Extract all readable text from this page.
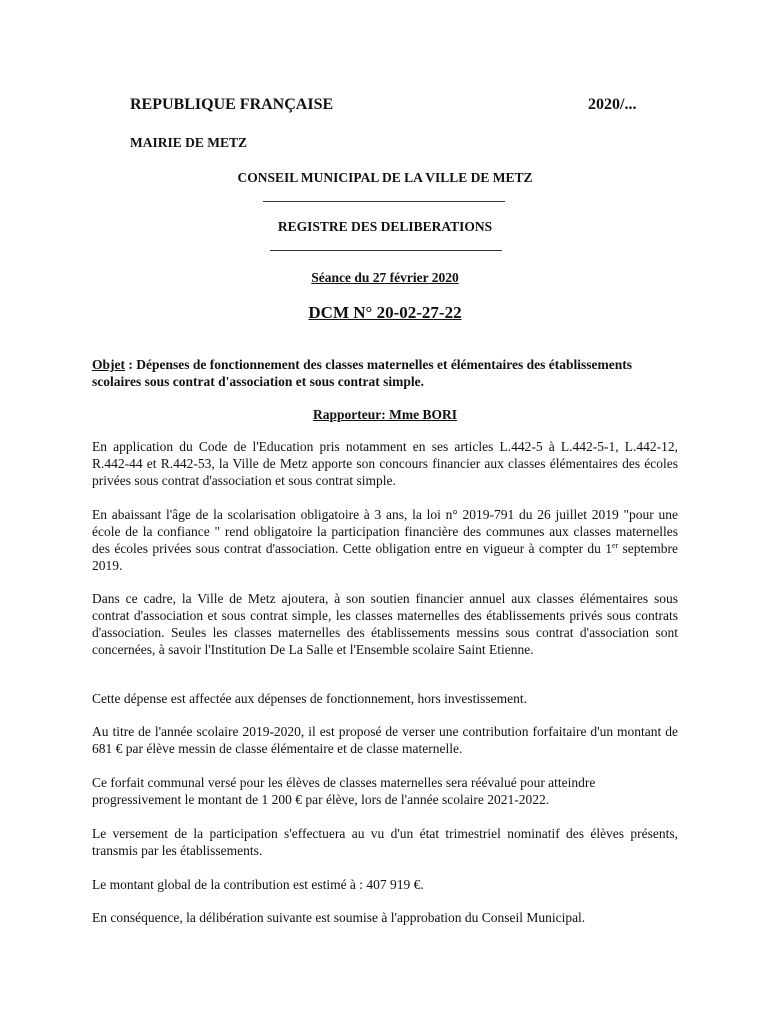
REPUBLIQUE FRANÇAISE	2020/...
MAIRIE DE METZ
CONSEIL MUNICIPAL DE LA VILLE DE METZ
REGISTRE DES DELIBERATIONS
Séance du 27 février 2020
DCM N° 20-02-27-22
Objet : Dépenses de fonctionnement des classes maternelles et élémentaires des établissements scolaires sous contrat d'association et sous contrat simple.
Rapporteur: Mme BORI
En application du Code de l'Education pris notamment en ses articles L.442-5 à L.442-5-1, L.442-12, R.442-44 et R.442-53, la Ville de Metz apporte son concours financier aux classes élémentaires des écoles privées sous contrat d'association et sous contrat simple.
En abaissant l'âge de la scolarisation obligatoire à 3 ans, la loi n° 2019-791 du 26 juillet 2019 "pour une école de la confiance " rend obligatoire la participation financière des communes aux classes maternelles des écoles privées sous contrat d'association. Cette obligation entre en vigueur à compter du 1er septembre 2019.
Dans ce cadre, la Ville de Metz ajoutera, à son soutien financier annuel aux classes élémentaires sous contrat d'association et sous contrat simple, les classes maternelles des établissements privés sous contrats d'association. Seules les classes maternelles des établissements messins sous contrat d'association sont concernées, à savoir l'Institution De La Salle et l'Ensemble scolaire Saint Etienne.
Cette dépense est affectée aux dépenses de fonctionnement, hors investissement.
Au titre de l'année scolaire 2019-2020, il est proposé de verser une contribution forfaitaire d'un montant de 681 € par élève messin de classe élémentaire et de classe maternelle.
Ce forfait communal versé pour les élèves de classes maternelles sera réévalué pour atteindre progressivement le montant de 1 200 € par élève, lors de l'année scolaire 2021-2022.
Le versement de la participation s'effectuera au vu d'un état trimestriel nominatif des élèves présents, transmis par les établissements.
Le montant global de la contribution est estimé à : 407 919 €.
En conséquence, la délibération suivante est soumise à l'approbation du Conseil Municipal.
